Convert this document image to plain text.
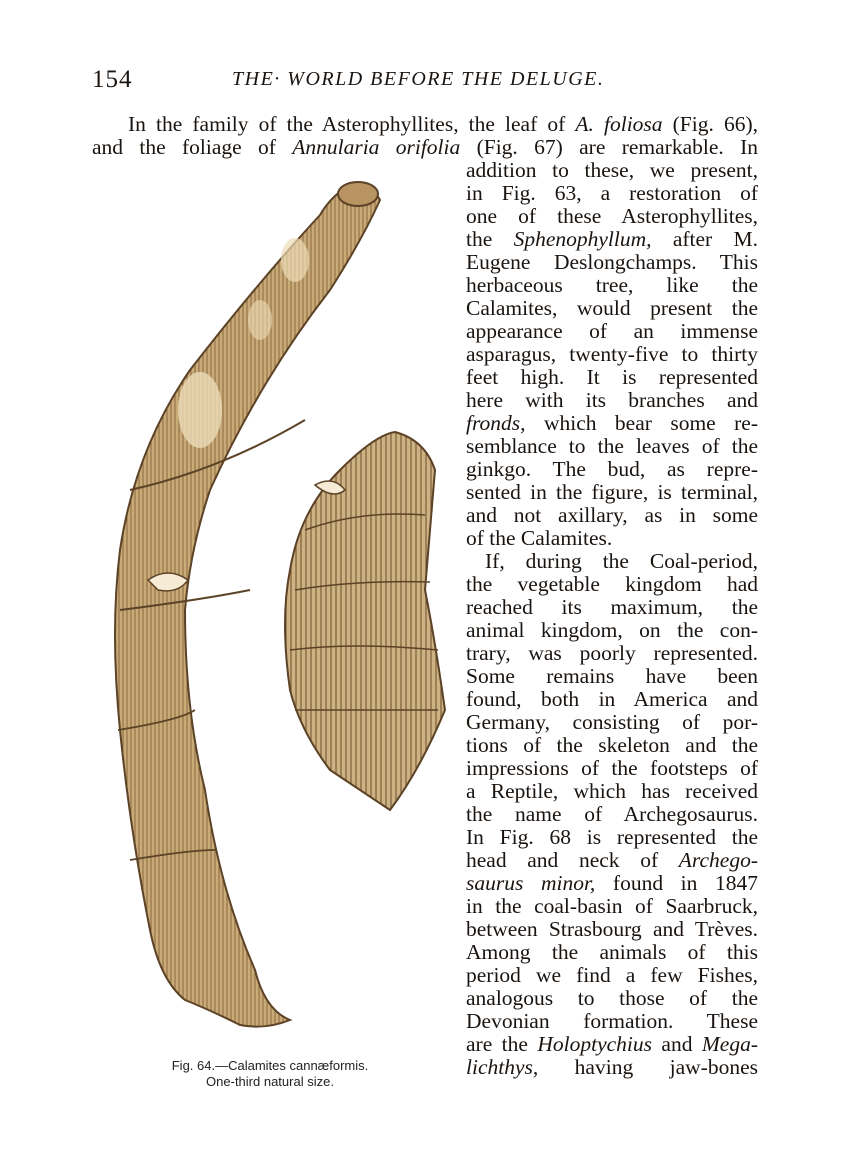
154	THE· WORLD BEFORE THE DELUGE.
In the family of the Asterophyllites, the leaf of A. foliosa (Fig. 66),
and the foliage of Annularia orifolia (Fig. 67) are remarkable. In
addition to these, we present,
in Fig. 63, a restoration of
one of these Asterophyllites,
the Sphenophyllum, after M.
Eugene Deslongchamps. This
herbaceous tree, like the
Calamites, would present the
appearance of an immense
asparagus, twenty-five to thirty
feet high. It is represented
here with its branches and
fronds, which bear some re-
semblance to the leaves of the
ginkgo. The bud, as repre-
sented in the figure, is terminal,
and not axillary, as in some
of the Calamites.
If, during the Coal-period,
the vegetable kingdom had
reached its maximum, the
animal kingdom, on the con-
trary, was poorly represented.
Some remains have been
found, both in America and
Germany, consisting of por-
tions of the skeleton and the
impressions of the footsteps of
a Reptile, which has received
the name of Archegosaurus.
In Fig. 68 is represented the
head and neck of Archego-
saurus minor, found in 1847
in the coal-basin of Saarbruck,
between Strasbourg and Trèves.
Among the animals of this
period we find a few Fishes,
analogous to those of the
Devonian formation. These
are the Holoptychius and Mega-
lichthys, having jaw-bones
Fig. 64.—Calamites cannæformis.
One-third natural size.
